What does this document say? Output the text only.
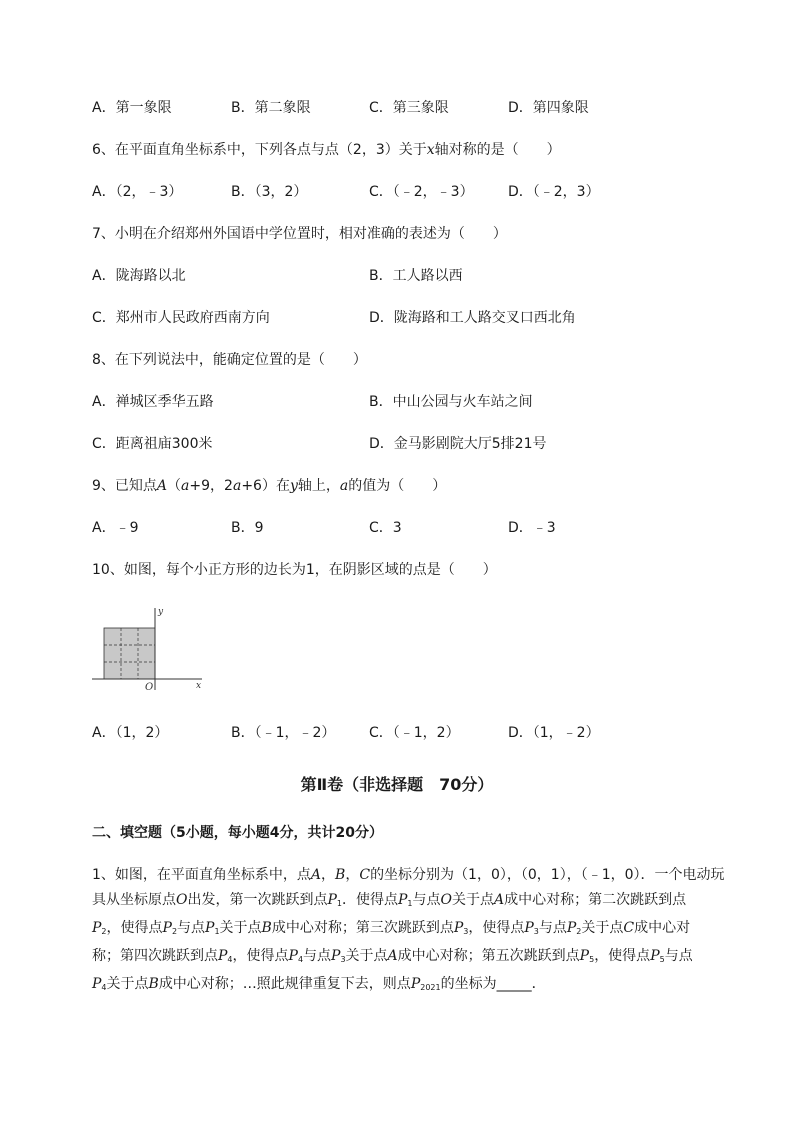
A．第一象限	B．第二象限	C．第三象限	D．第四象限
6、在平面直角坐标系中，下列各点与点（2，3）关于x轴对称的是（　　）
A．（2，﹣3）	B．（3，2）	C．（﹣2，﹣3） D．（﹣2，3）
7、小明在介绍郑州外国语中学位置时，相对准确的表述为（　　）
A．陇海路以北	B．工人路以西
C．郑州市人民政府西南方向	D．陇海路和工人路交叉口西北角
8、在下列说法中，能确定位置的是（　　）
A．禅城区季华五路	B．中山公园与火车站之间
C．距离祖庙300米	D．金马影剧院大厅5排21号
9、已知点A（a+9，2a+6）在y轴上，a的值为（　　）
A．﹣9	B．9	C．3	D．﹣3
10、如图，每个小正方形的边长为1，在阴影区域的点是（　　）
y
x
O
A．（1，2）	B．（﹣1，﹣2） C．（﹣1，2）	D．（1，﹣2）
第Ⅱ卷（非选择题　70分）
二、填空题（5小题，每小题4分，共计20分）
1、如图，在平面直角坐标系中，点A，B，C的坐标分别为（1，0），（0，1），（﹣1，0）．一个电动玩
具从坐标原点O出发，第一次跳跃到点$P_1$．使得点$P_1$与点O关于点A成中心对称；第二次跳跃到点
$P_2$，使得点$P_2$与点$P_1$关于点B成中心对称；第三次跳跃到点$P_3$，使得点$P_3$与点$P_2$关于点C成中心对
称；第四次跳跃到点$P_4$，使得点$P_4$与点$P_3$关于点A成中心对称；第五次跳跃到点$P_5$，使得点$P_5$与点
$P_4$关于点B成中心对称；…照此规律重复下去，则点$P_{2021}$的坐标为_____．
